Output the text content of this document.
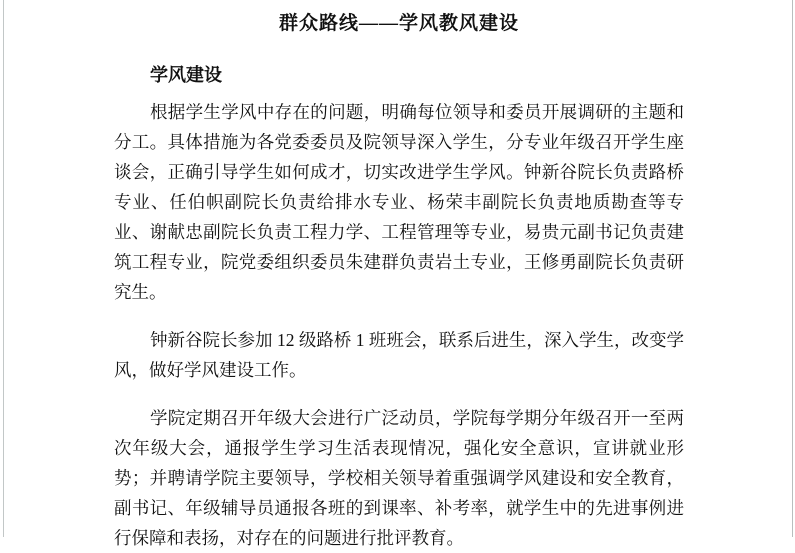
群众路线——学风教风建设
学风建设

根据学生学风中存在的问题，明确每位领导和委员开展调研的主题和分工。具体措施为各党委委员及院领导深入学生，分专业年级召开学生座谈会，正确引导学生如何成才，切实改进学生学风。钟新谷院长负责路桥专业、任伯帜副院长负责给排水专业、杨荣丰副院长负责地质勘查等专业、谢献忠副院长负责工程力学、工程管理等专业，易贵元副书记负责建筑工程专业，院党委组织委员朱建群负责岩土专业，王修勇副院长负责研究生。

钟新谷院长参加 12 级路桥 1 班班会，联系后进生，深入学生，改变学风，做好学风建设工作。

学院定期召开年级大会进行广泛动员，学院每学期分年级召开一至两次年级大会，通报学生学习生活表现情况，强化安全意识，宣讲就业形势；并聘请学院主要领导，学校相关领导着重强调学风建设和安全教育，副书记、年级辅导员通报各班的到课率、补考率，就学生中的先进事例进行保障和表扬，对存在的问题进行批评教育。
